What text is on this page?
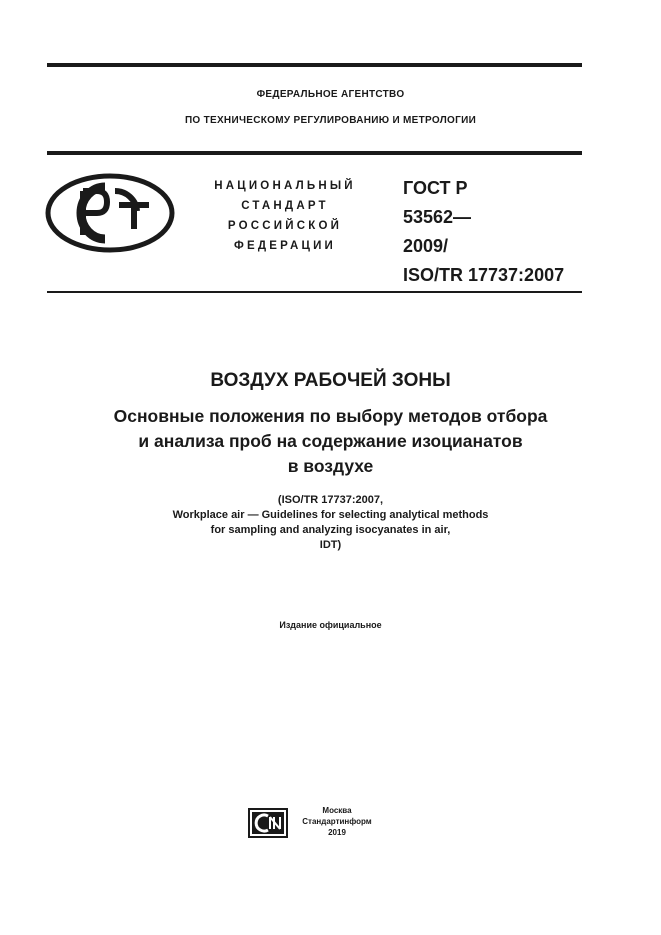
ФЕДЕРАЛЬНОЕ АГЕНТСТВО
ПО ТЕХНИЧЕСКОМУ РЕГУЛИРОВАНИЮ И МЕТРОЛОГИИ
НАЦИОНАЛЬНЫЙ
СТАНДАРТ
РОССИЙСКОЙ
ФЕДЕРАЦИИ
ГОСТ Р
53562—
2009/
ISO/TR 17737:2007
ВОЗДУХ РАБОЧЕЙ ЗОНЫ
Основные положения по выбору методов отбора
и анализа проб на содержание изоцианатов
в воздухе
(ISO/TR 17737:2007,
Workplace air — Guidelines for selecting analytical methods
for sampling and analyzing isocyanates in air,
IDT)
Издание официальное
Москва
Стандартинформ
2019
